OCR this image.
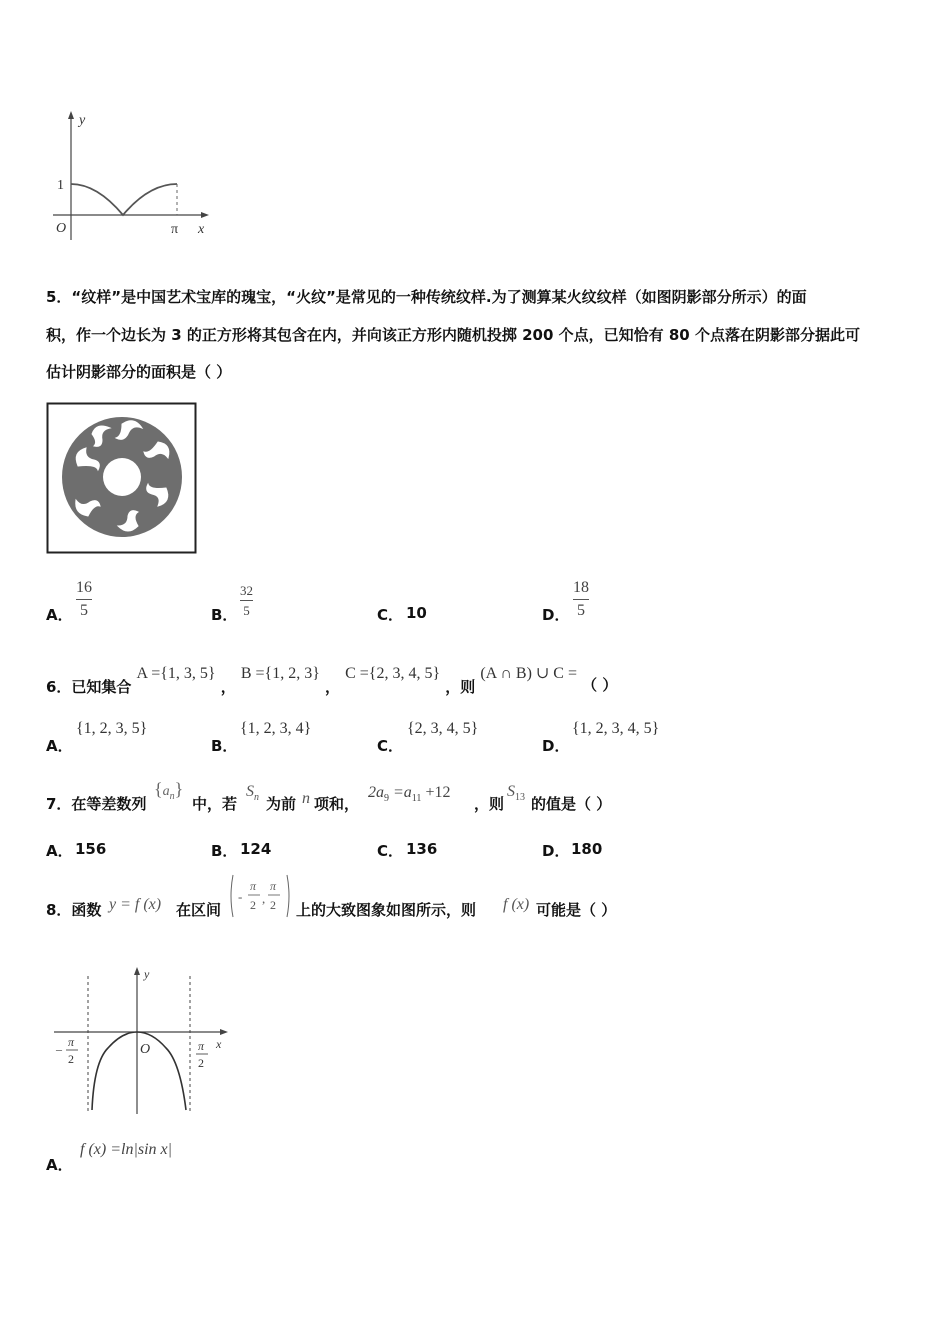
y
1
O	π x
5．“纹样”是中国艺术宝库的瑰宝，“火纹”是常见的一种传统纹样.为了测算某火纹纹样（如图阴影部分所示）的面
积，作一个边长为 3 的正方形将其包含在内，并向该正方形内随机投掷 200 个点，已知恰有 80 个点落在阴影部分据此可
估计阴影部分的面积是（ ）
A．
16
5	B．
32
5	C． 10	D．
18
5
6．已知集合 A ={1, 3, 5} ， B ={1, 2, 3} ， C ={2, 3, 4, 5} ，则 (A ∩ B) ∪ C = （ ）
A．
{1, 2, 3, 5}
B．
{1, 2, 3, 4}
C．
{2, 3, 4, 5}
D．
{1, 2, 3, 4, 5}
7．在等差数列
$\{a_n\}$
中，若
$S_n$ 为前 n 项和，
$2a_9 =a_{11} +12$
，则
$S_{13}$ 的值是（ ）
A． 156	B． 124	C． 136	D． 180
8．函数 y = f (x) 在区间
-
π
2 ,
π
2 上的大致图象如图所示，则 f (x) 可能是（ ）
y
x
O
– π
2
π
2
A．
f (x) =ln|sin x|
